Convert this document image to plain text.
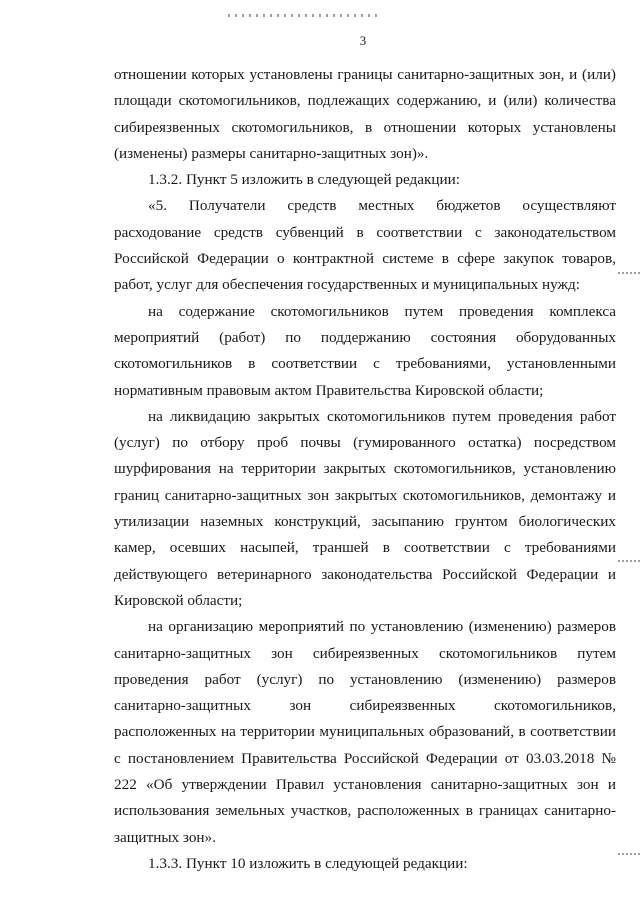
3

отношении которых установлены границы санитарно-защитных зон, и (или) площади скотомогильников, подлежащих содержанию, и (или) количества сибиреязвенных скотомогильников, в отношении которых установлены (изменены) размеры санитарно-защитных зон)».

1.3.2. Пункт 5 изложить в следующей редакции:

«5. Получатели средств местных бюджетов осуществляют расходование средств субвенций в соответствии с законодательством Российской Федерации о контрактной системе в сфере закупок товаров, работ, услуг для обеспечения государственных и муниципальных нужд:

на содержание скотомогильников путем проведения комплекса мероприятий (работ) по поддержанию состояния оборудованных скотомогильников в соответствии с требованиями, установленными нормативным правовым актом Правительства Кировской области;

на ликвидацию закрытых скотомогильников путем проведения работ (услуг) по отбору проб почвы (гумированного остатка) посредством шурфирования на территории закрытых скотомогильников, установлению границ санитарно-защитных зон закрытых скотомогильников, демонтажу и утилизации наземных конструкций, засыпанию грунтом биологических камер, осевших насыпей, траншей в соответствии с требованиями действующего ветеринарного законодательства Российской Федерации и Кировской области;

на организацию мероприятий по установлению (изменению) размеров санитарно-защитных зон сибиреязвенных скотомогильников путем проведения работ (услуг) по установлению (изменению) размеров санитарно-защитных зон сибиреязвенных скотомогильников, расположенных на территории муниципальных образований, в соответствии с постановлением Правительства Российской Федерации от 03.03.2018 № 222 «Об утверждении Правил установления санитарно-защитных зон и использования земельных участков, расположенных в границах санитарно-защитных зон».

1.3.3. Пункт 10 изложить в следующей редакции:
